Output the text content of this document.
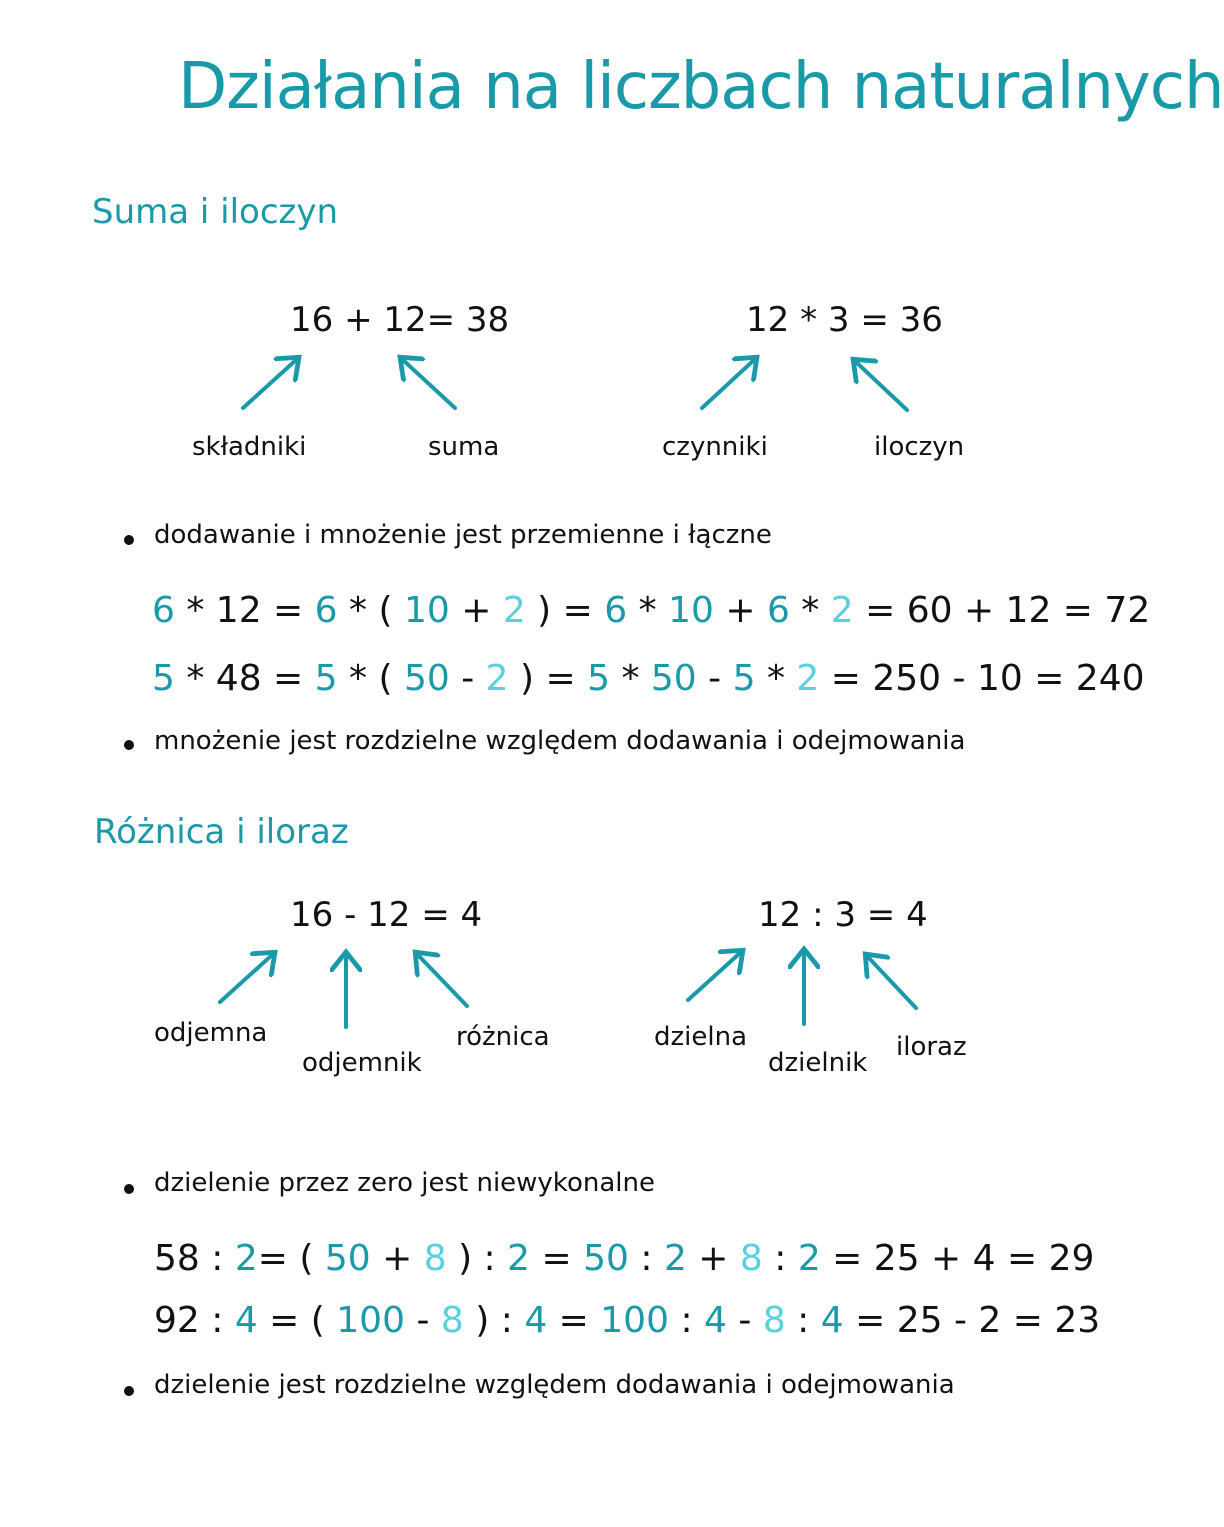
Działania na liczbach naturalnych
Suma i iloczyn
16 + 12= 38
składniki	suma
12 * 3 = 36
czynniki	iloczyn
dodawanie i mnożenie jest przemienne i łączne
6 * 12 = 6 * ( 10 + 2 ) = 6 * 10 + 6 * 2 = 60 + 12 = 72
5 * 48 = 5 * ( 50 - 2 ) = 5 * 50 - 5 * 2 = 250 - 10 = 240
mnożenie jest rozdzielne względem dodawania i odejmowania
Różnica i iloraz
16 - 12 = 4
odjemna
odjemnik
różnica
12 : 3 = 4
dzielna
dzielnik
iloraz
dzielenie przez zero jest niewykonalne
58 : 2= ( 50 + 8 ) : 2 = 50 : 2 + 8 : 2 = 25 + 4 = 29
92 : 4 = ( 100 - 8 ) : 4 = 100 : 4 - 8 : 4 = 25 - 2 = 23
dzielenie jest rozdzielne względem dodawania i odejmowania
